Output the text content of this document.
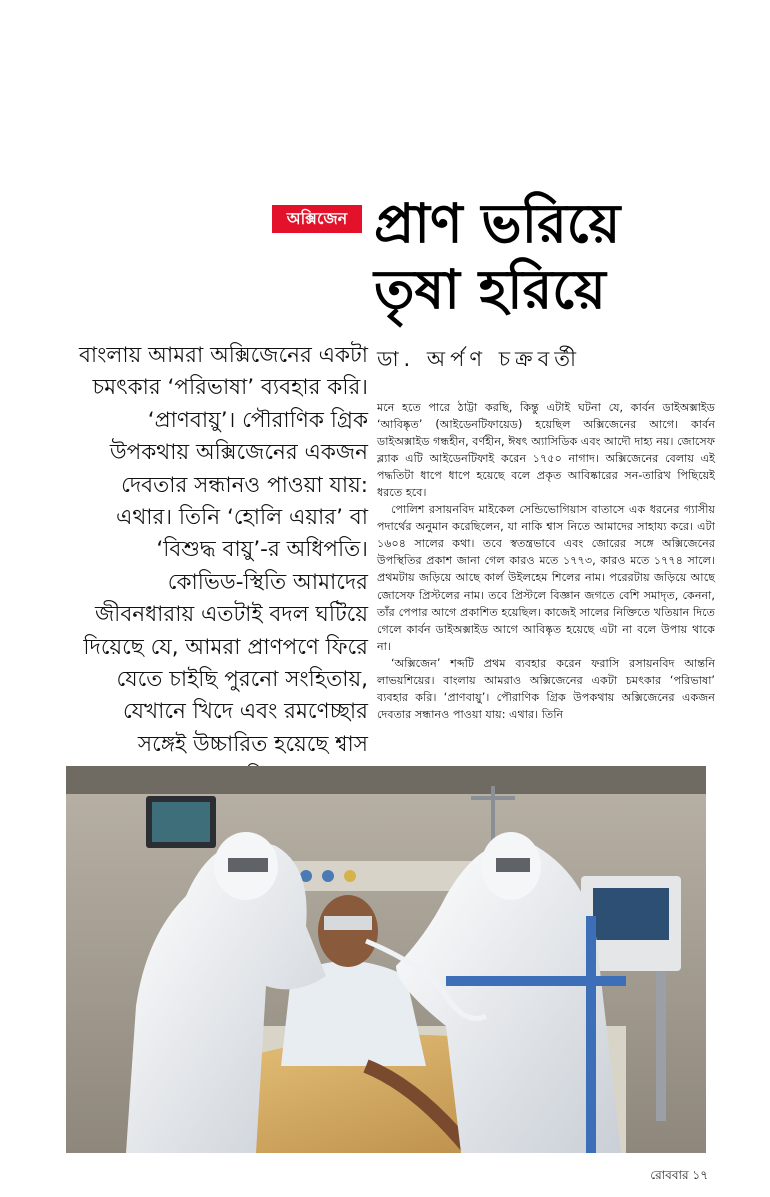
অক্সিজেন প্রাণ ভরিয়ে
তৃষা হরিয়ে
বাংলায় আমরা অক্সিজেনের একটা
চমৎকার ‘পরিভাষা’ ব্যবহার করি।
‘প্রাণবায়ু’। পৌরাণিক গ্রিক
উপকথায় অক্সিজেনের একজন
দেবতার সন্ধানও পাওয়া যায়:
এথার। তিনি ‘হোলি এয়ার’ বা
‘বিশুদ্ধ বায়ু’-র অধিপতি।
কোভিড-স্থিতি আমাদের
জীবনধারায় এতটাই বদল ঘটিয়ে
দিয়েছে যে, আমরা প্রাণপণে ফিরে
যেতে চাইছি পুরনো সংহিতায়,
যেখানে খিদে এবং রমণেচ্ছার
সঙ্গেই উচ্চারিত হয়েছে শ্বাস
ডা. অর্পণ চক্রবর্তী

মনে হতে পারে ঠাট্টা করছি, কিন্তু এটাই ঘটনা যে, কার্বন ডাইঅক্সাইড ‘আবিষ্কৃত’ (আইডেনটিফায়েড) হয়েছিল অক্সিজেনের আগে। কার্বন ডাইঅক্সাইড গন্ধহীন, বর্ণহীন, ঈষৎ অ্যাসিডিক এবং আদৌ দাহ্য নয়। জোসেফ ব্ল্যাক এটি আইডেনটিফাই করেন ১৭৫০ নাগাদ। অক্সিজেনের বেলায় এই পদ্ধতিটা ধাপে ধাপে হয়েছে বলে প্রকৃত আবিষ্কারের সন-তারিখ পিছিয়েই ধরতে হবে।

পোলিশ রসায়নবিদ মাইকেল সেন্ডিভোগিয়াস বাতাসে এক ধরনের গ্যাসীয় পদার্থের অনুমান করেছিলেন, যা নাকি শ্বাস নিতে আমাদের সাহায্য করে। এটা ১৬০৪ সালের কথা। তবে স্বতন্ত্রভাবে এবং জোরের সঙ্গে অক্সিজেনের উপস্থিতির প্রকাশ জানা গেল কারও মতে ১৭৭৩, কারও মতে ১৭৭৪ সালে। প্রথমটায় জড়িয়ে আছে কার্ল উইলহেম শিলের নাম। পরেরটায় জড়িয়ে আছে জোসেফ প্রিস্টলের নাম। তবে প্রিস্টলে বিজ্ঞান জগতে বেশি সমাদৃত, কেননা, তাঁর পেপার আগে প্রকাশিত হয়েছিল। কাজেই সালের নিক্তিতে খতিয়ান দিতে গেলে কার্বন ডাইঅক্সাইড আগে আবিষ্কৃত হয়েছে এটা না বলে উপায় থাকে না।

‘অক্সিজেন’ শব্দটি প্রথম ব্যবহার করেন ফরাসি রসায়নবিদ আন্তনি লাভয়শিয়ের। বাংলায় আমরাও অক্সিজেনের একটা চমৎকার ‘পরিভাষা’ ব্যবহার করি। ‘প্রাণবায়ু’। পৌরাণিক গ্রিক উপকথায় অক্সিজেনের একজন দেবতার সন্ধানও পাওয়া যায়: এথার। তিনি

রোববার ১৭
